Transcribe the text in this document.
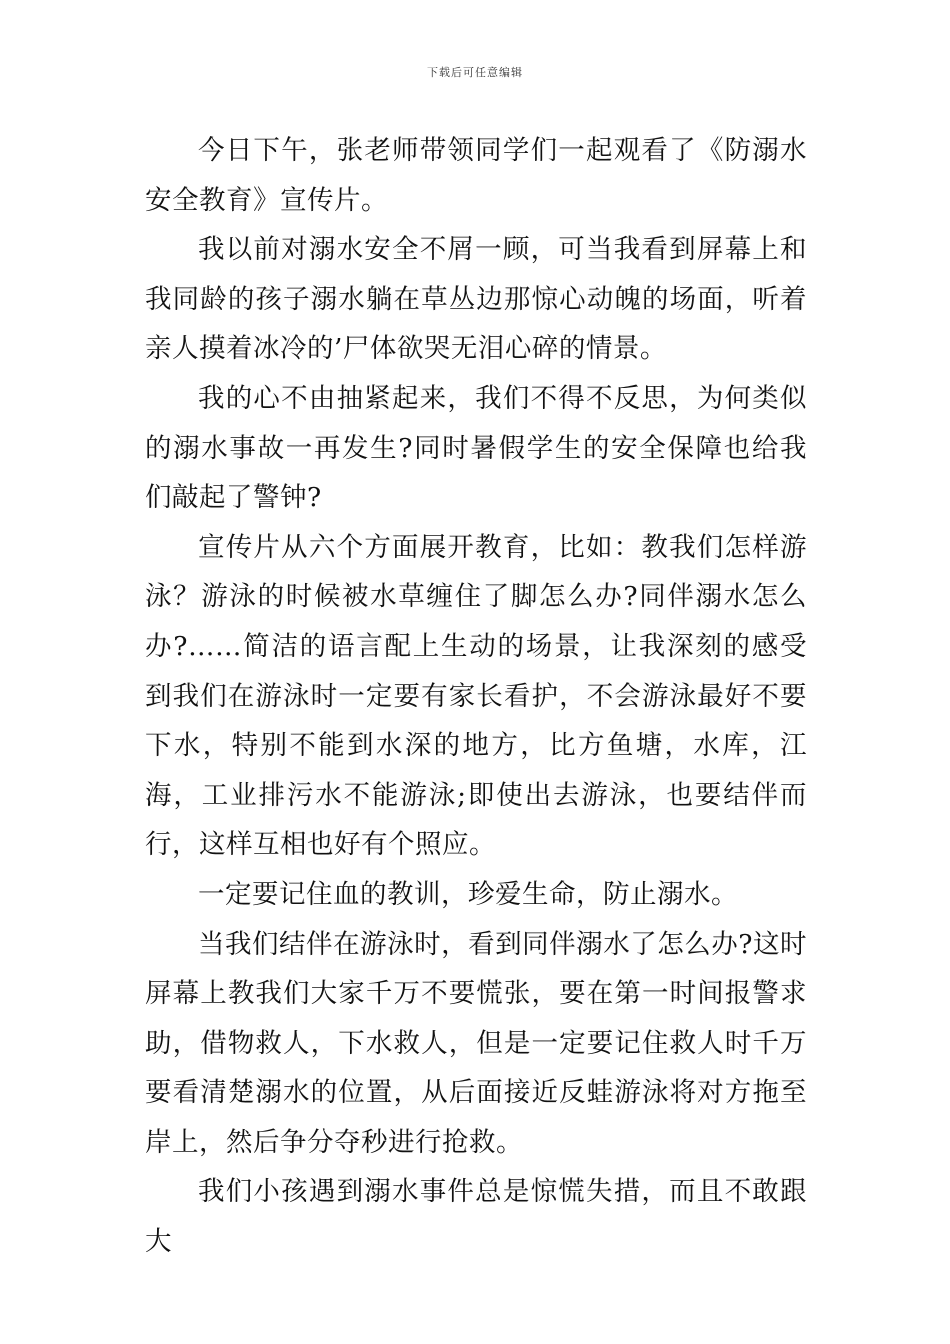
下载后可任意编辑

今日下午，张老师带领同学们一起观看了《防溺水安全教育》宣传片。

我以前对溺水安全不屑一顾，可当我看到屏幕上和我同龄的孩子溺水躺在草丛边那惊心动魄的场面，听着亲人摸着冰冷的’尸体欲哭无泪心碎的情景。

我的心不由抽紧起来，我们不得不反思，为何类似的溺水事故一再发生?同时暑假学生的安全保障也给我们敲起了警钟?

宣传片从六个方面展开教育，比如：教我们怎样游泳？游泳的时候被水草缠住了脚怎么办?同伴溺水怎么办?……简洁的语言配上生动的场景，让我深刻的感受到我们在游泳时一定要有家长看护，不会游泳最好不要下水，特别不能到水深的地方，比方鱼塘，水库，江海，工业排污水不能游泳;即使出去游泳，也要结伴而行，这样互相也好有个照应。

一定要记住血的教训，珍爱生命，防止溺水。

当我们结伴在游泳时，看到同伴溺水了怎么办?这时屏幕上教我们大家千万不要慌张，要在第一时间报警求助，借物救人，下水救人，但是一定要记住救人时千万要看清楚溺水的位置，从后面接近反蛙游泳将对方拖至岸上，然后争分夺秒进行抢救。

我们小孩遇到溺水事件总是惊慌失措，而且不敢跟大
